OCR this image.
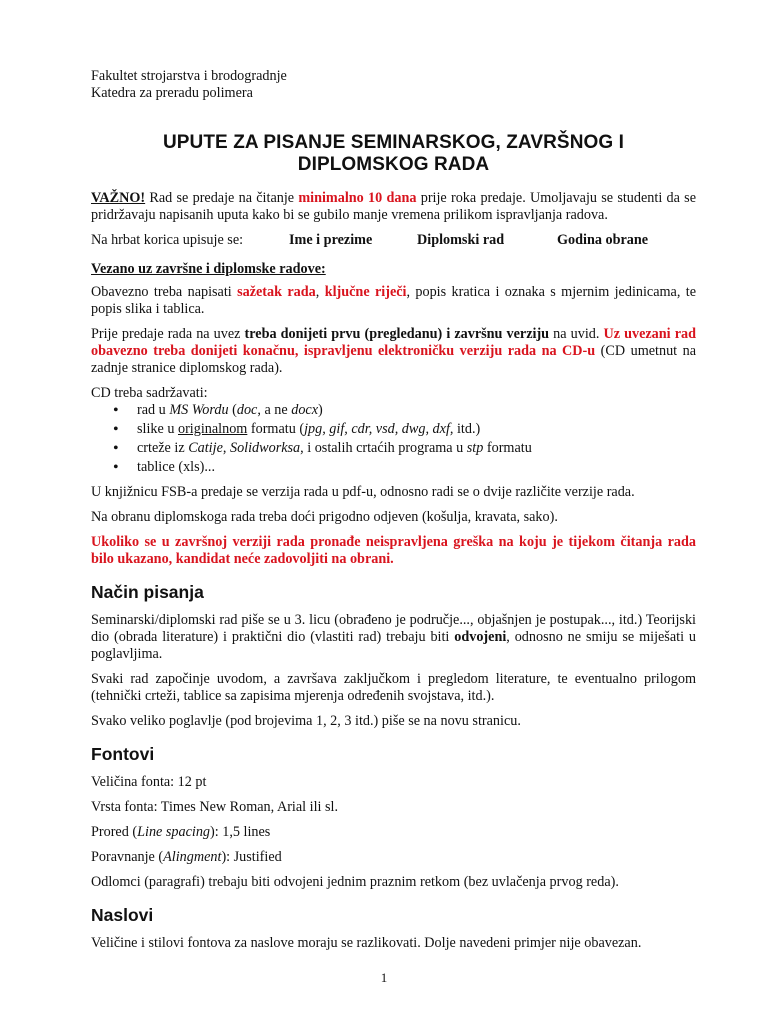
Fakultet strojarstva i brodogradnje
Katedra za preradu polimera
UPUTE ZA PISANJE SEMINARSKOG, ZAVRŠNOG I
DIPLOMSKOG RADA

VAŽNO! Rad se predaje na čitanje minimalno 10 dana prije roka predaje. Umoljavaju se studenti da se pridržavaju napisanih uputa kako bi se gubilo manje vremena prilikom ispravljanja radova.

Na hrbat korica upisuje se:	Ime i prezime	Diplomski rad	Godina obrane
Vezano uz završne i diplomske radove:

Obavezno treba napisati sažetak rada, ključne riječi, popis kratica i oznaka s mjernim jedinicama, te popis slika i tablica.

Prije predaje rada na uvez treba donijeti prvu (pregledanu) i završnu verziju na uvid. Uz uvezani rad obavezno treba donijeti konačnu, ispravljenu elektroničku verziju rada na CD-u (CD umetnut na zadnje stranice diplomskog rada).

CD treba sadržavati:
• rad u MS Wordu (doc, a ne docx)
• slike u originalnom formatu (jpg, gif, cdr, vsd, dwg, dxf, itd.)
• crteže iz Catije, Solidworksa, i ostalih crtaćih programa u stp formatu
• tablice (xls)...

U knjižnicu FSB-a predaje se verzija rada u pdf-u, odnosno radi se o dvije različite verzije rada.

Na obranu diplomskoga rada treba doći prigodno odjeven (košulja, kravata, sako).

Ukoliko se u završnoj verziji rada pronađe neispravljena greška na koju je tijekom čitanja rada bilo ukazano, kandidat neće zadovoljiti na obrani.

Način pisanja

Seminarski/diplomski rad piše se u 3. licu (obrađeno je područje..., objašnjen je postupak..., itd.) Teorijski dio (obrada literature) i praktični dio (vlastiti rad) trebaju biti odvojeni, odnosno ne smiju se miješati u poglavljima.

Svaki rad započinje uvodom, a završava zaključkom i pregledom literature, te eventualno prilogom (tehnički crteži, tablice sa zapisima mjerenja određenih svojstava, itd.).

Svako veliko poglavlje (pod brojevima 1, 2, 3 itd.) piše se na novu stranicu.

Fontovi

Veličina fonta: 12 pt

Vrsta fonta: Times New Roman, Arial ili sl.

Prored (Line spacing): 1,5 lines

Poravnanje (Alingment): Justified

Odlomci (paragrafi) trebaju biti odvojeni jednim praznim retkom (bez uvlačenja prvog reda).

Naslovi

Veličine i stilovi fontova za naslove moraju se razlikovati. Dolje navedeni primjer nije obavezan.

1
